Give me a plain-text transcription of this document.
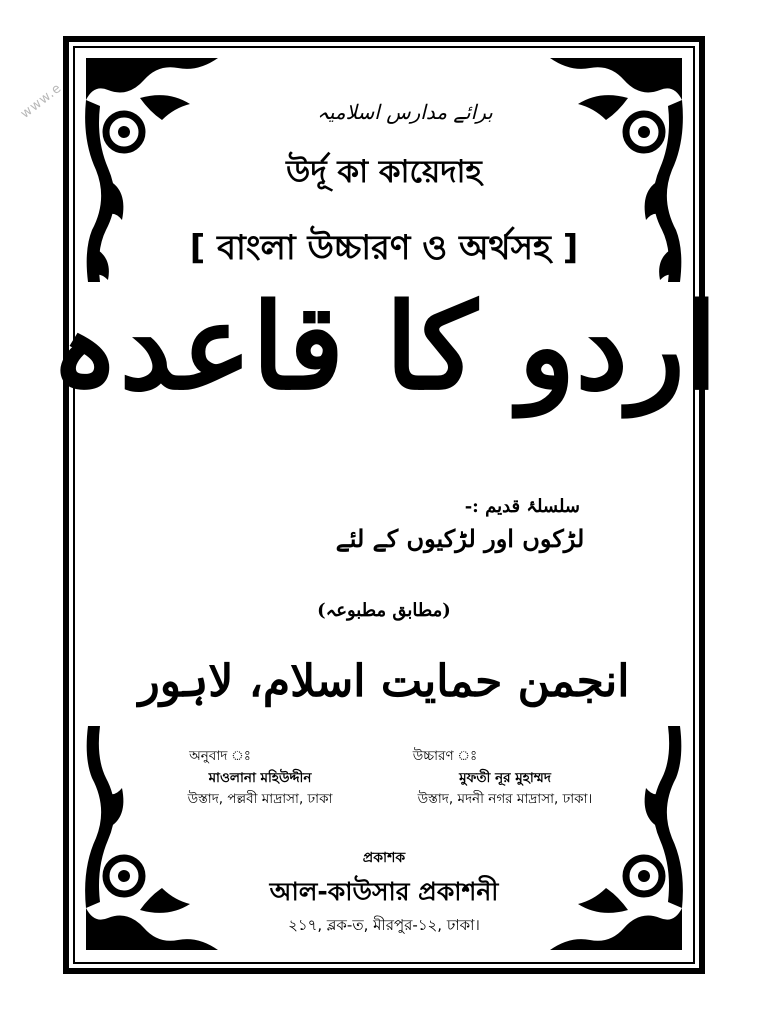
www.e	برائے مدارس اسلامیہ
উর্দূ কা কায়েদাহ
[ বাংলা উচ্চারণ ও অর্থসহ ]
اردو کا قاعدہ
سلسلۂ قدیم :-
لڑکوں اور لڑکیوں کے لئے
(مطابق مطبوعہ)
انجمن حمایت اسلام، لاہور
অনুবাদ ঃ
মাওলানা মহিউদ্দীন
উস্তাদ, পল্লবী মাদ্রাসা, ঢাকা
উচ্চারণ ঃ
মুফতী নূর মুহাম্মদ
উস্তাদ, মদনী নগর মাদ্রাসা, ঢাকা।
প্রকাশক
আল-কাউসার প্রকাশনী
২১৭, ব্লক-ত, মীরপুর-১২, ঢাকা।
